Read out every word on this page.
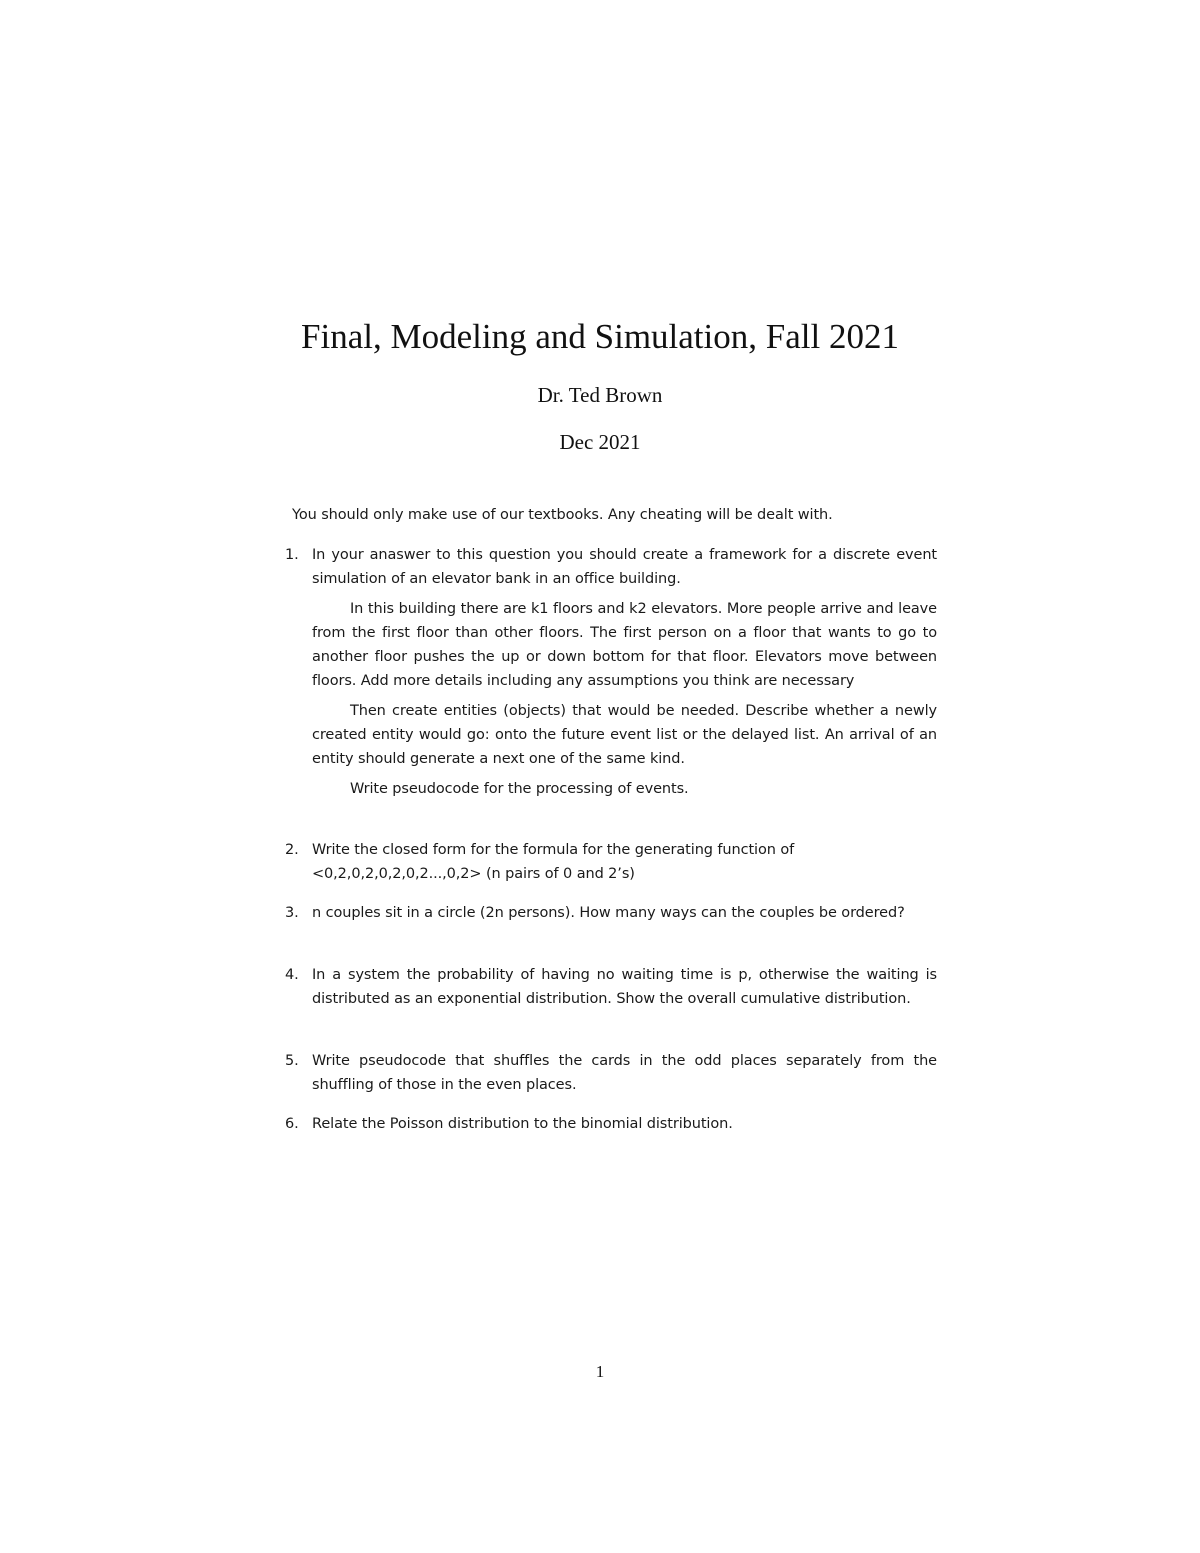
Final, Modeling and Simulation, Fall 2021
Dr. Ted Brown
Dec 2021
You should only make use of our textbooks. Any cheating will be dealt with.
1. In your anaswer to this question you should create a framework for a discrete event simulation of an elevator bank in an office building.

In this building there are k1 floors and k2 elevators. More people arrive and leave from the first floor than other floors. The first person on a floor that wants to go to another floor pushes the up or down bottom for that floor. Elevators move between floors. Add more details including any assumptions you think are necessary

Then create entities (objects) that would be needed. Describe whether a newly created entity would go: onto the future event list or the delayed list. An arrival of an entity should generate a next one of the same kind.

Write pseudocode for the processing of events.

2. Write the closed form for the formula for the generating function of <0,2,0,2,0,2,0,2...,0,2> (n pairs of 0 and 2’s)

3. n couples sit in a circle (2n persons). How many ways can the couples be ordered?

4. In a system the probability of having no waiting time is p, otherwise the waiting is distributed as an exponential distribution. Show the overall cumulative distribution.

5. Write pseudocode that shuffles the cards in the odd places separately from the shuffling of those in the even places.

6. Relate the Poisson distribution to the binomial distribution.

1
